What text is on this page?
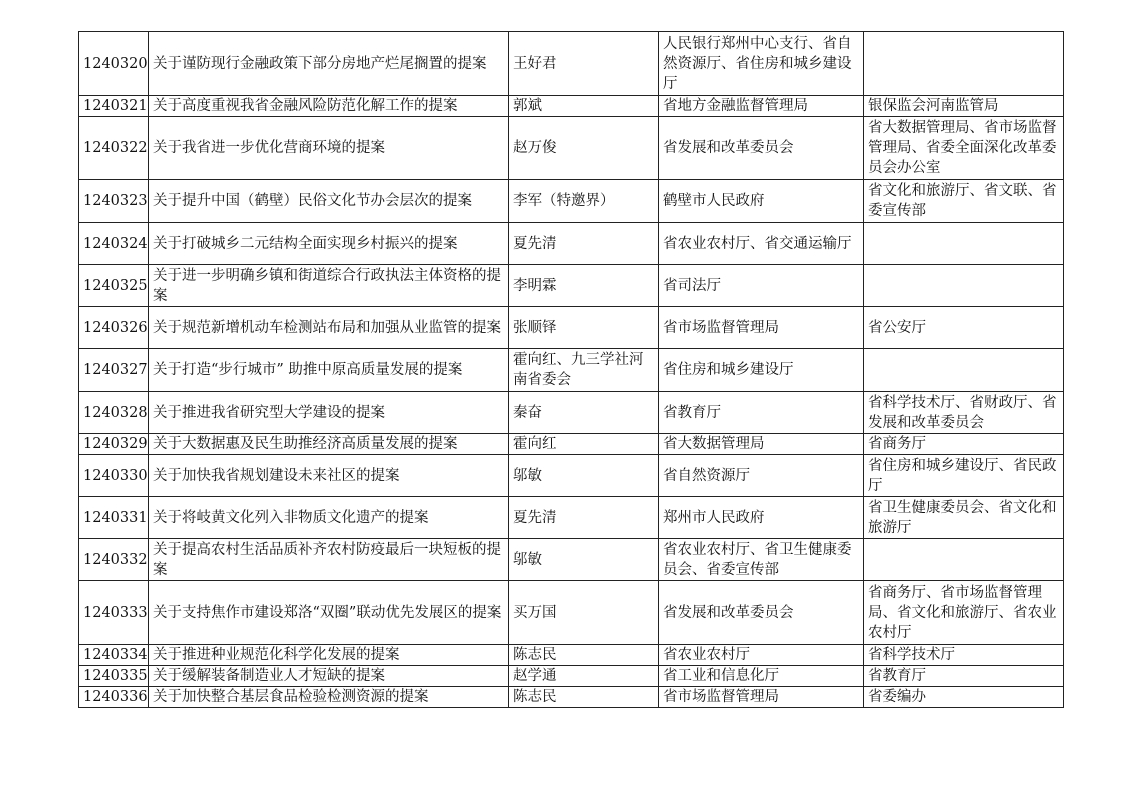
1240320	关于谨防现行金融政策下部分房地产烂尾搁置的提案	王好君	人民银行郑州中心支行、省自然资源厅、省住房和城乡建设厅	
1240321	关于高度重视我省金融风险防范化解工作的提案	郭斌	省地方金融监督管理局	银保监会河南监管局
1240322	关于我省进一步优化营商环境的提案	赵万俊	省发展和改革委员会	省大数据管理局、省市场监督管理局、省委全面深化改革委员会办公室
1240323	关于提升中国（鹤壁）民俗文化节办会层次的提案	李军（特邀界）	鹤壁市人民政府	省文化和旅游厅、省文联、省委宣传部
1240324	关于打破城乡二元结构全面实现乡村振兴的提案	夏先清	省农业农村厅、省交通运输厅	
1240325	关于进一步明确乡镇和街道综合行政执法主体资格的提案	李明霖	省司法厅	
1240326	关于规范新增机动车检测站布局和加强从业监管的提案	张顺铎	省市场监督管理局	省公安厅
1240327	关于打造“步行城市” 助推中原高质量发展的提案	霍向红、九三学社河南省委会	省住房和城乡建设厅	
1240328	关于推进我省研究型大学建设的提案	秦奋	省教育厅	省科学技术厅、省财政厅、省发展和改革委员会
1240329	关于大数据惠及民生助推经济高质量发展的提案	霍向红	省大数据管理局	省商务厅
1240330	关于加快我省规划建设未来社区的提案	邬敏	省自然资源厅	省住房和城乡建设厅、省民政厅
1240331	关于将岐黄文化列入非物质文化遗产的提案	夏先清	郑州市人民政府	省卫生健康委员会、省文化和旅游厅
1240332	关于提高农村生活品质补齐农村防疫最后一块短板的提案	邬敏	省农业农村厅、省卫生健康委员会、省委宣传部	
1240333	关于支持焦作市建设郑洛“双圈”联动优先发展区的提案	买万国	省发展和改革委员会	省商务厅、省市场监督管理局、省文化和旅游厅、省农业农村厅
1240334	关于推进种业规范化科学化发展的提案	陈志民	省农业农村厅	省科学技术厅
1240335	关于缓解装备制造业人才短缺的提案	赵学通	省工业和信息化厅	省教育厅
1240336	关于加快整合基层食品检验检测资源的提案	陈志民	省市场监督管理局	省委编办
